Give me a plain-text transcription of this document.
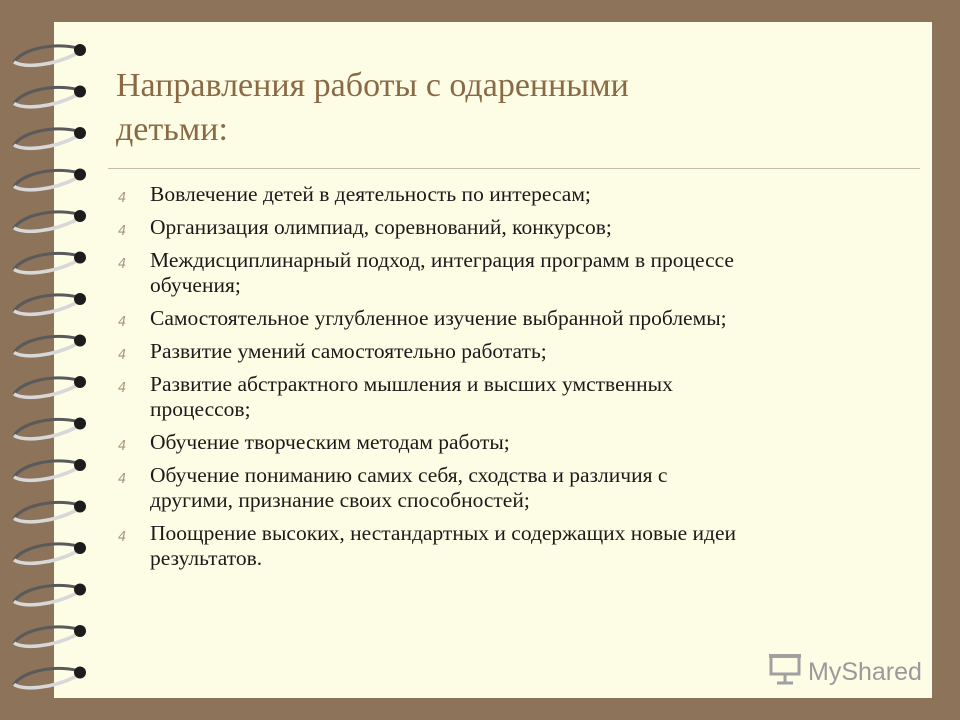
Направления работы с одаренными
детьми:
4 Вовлечение детей в деятельность по интересам;
4 Организация олимпиад, соревнований, конкурсов;
4 Междисциплинарный подход, интеграция программ в процессе
обучения;
4 Самостоятельное углубленное изучение выбранной проблемы;
4 Развитие умений самостоятельно работать;
4 Развитие абстрактного мышления и высших умственных
процессов;
4 Обучение творческим методам работы;
4 Обучение пониманию самих себя, сходства и различия с
другими, признание своих способностей;
4 Поощрение высоких, нестандартных и содержащих новые идеи
результатов.
MyShared
